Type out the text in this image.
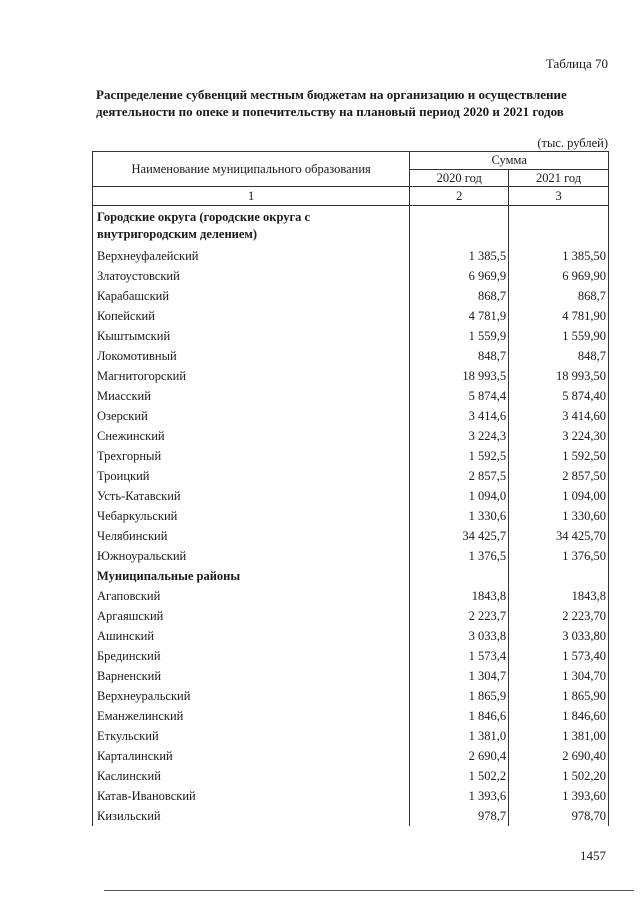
Таблица 70
Распределение субвенций местным бюджетам на организацию и осуществление деятельности по опеке и попечительству на плановый период 2020 и 2021 годов
(тыс. рублей)
Наименование муниципального образования	Сумма	
	2020 год	2021 год
1	2	3
Городские округа (городские округа с внутригородским делением)		
Верхнеуфалейский	1 385,5	1 385,50
Златоустовский	6 969,9	6 969,90
Карабашский	868,7	868,7
Копейский	4 781,9	4 781,90
Кыштымский	1 559,9	1 559,90
Локомотивный	848,7	848,7
Магнитогорский	18 993,5	18 993,50
Миасский	5 874,4	5 874,40
Озерский	3 414,6	3 414,60
Снежинский	3 224,3	3 224,30
Трехгорный	1 592,5	1 592,50
Троицкий	2 857,5	2 857,50
Усть-Катавский	1 094,0	1 094,00
Чебаркульский	1 330,6	1 330,60
Челябинский	34 425,7	34 425,70
Южноуральский	1 376,5	1 376,50
Муниципальные районы		
Агаповский	1843,8	1843,8
Аргаяшский	2 223,7	2 223,70
Ашинский	3 033,8	3 033,80
Брединский	1 573,4	1 573,40
Варненский	1 304,7	1 304,70
Верхнеуральский	1 865,9	1 865,90
Еманжелинский	1 846,6	1 846,60
Еткульский	1 381,0	1 381,00
Карталинский	2 690,4	2 690,40
Каслинский	1 502,2	1 502,20
Катав-Ивановский	1 393,6	1 393,60
Кизильский	978,7	978,70
1457
